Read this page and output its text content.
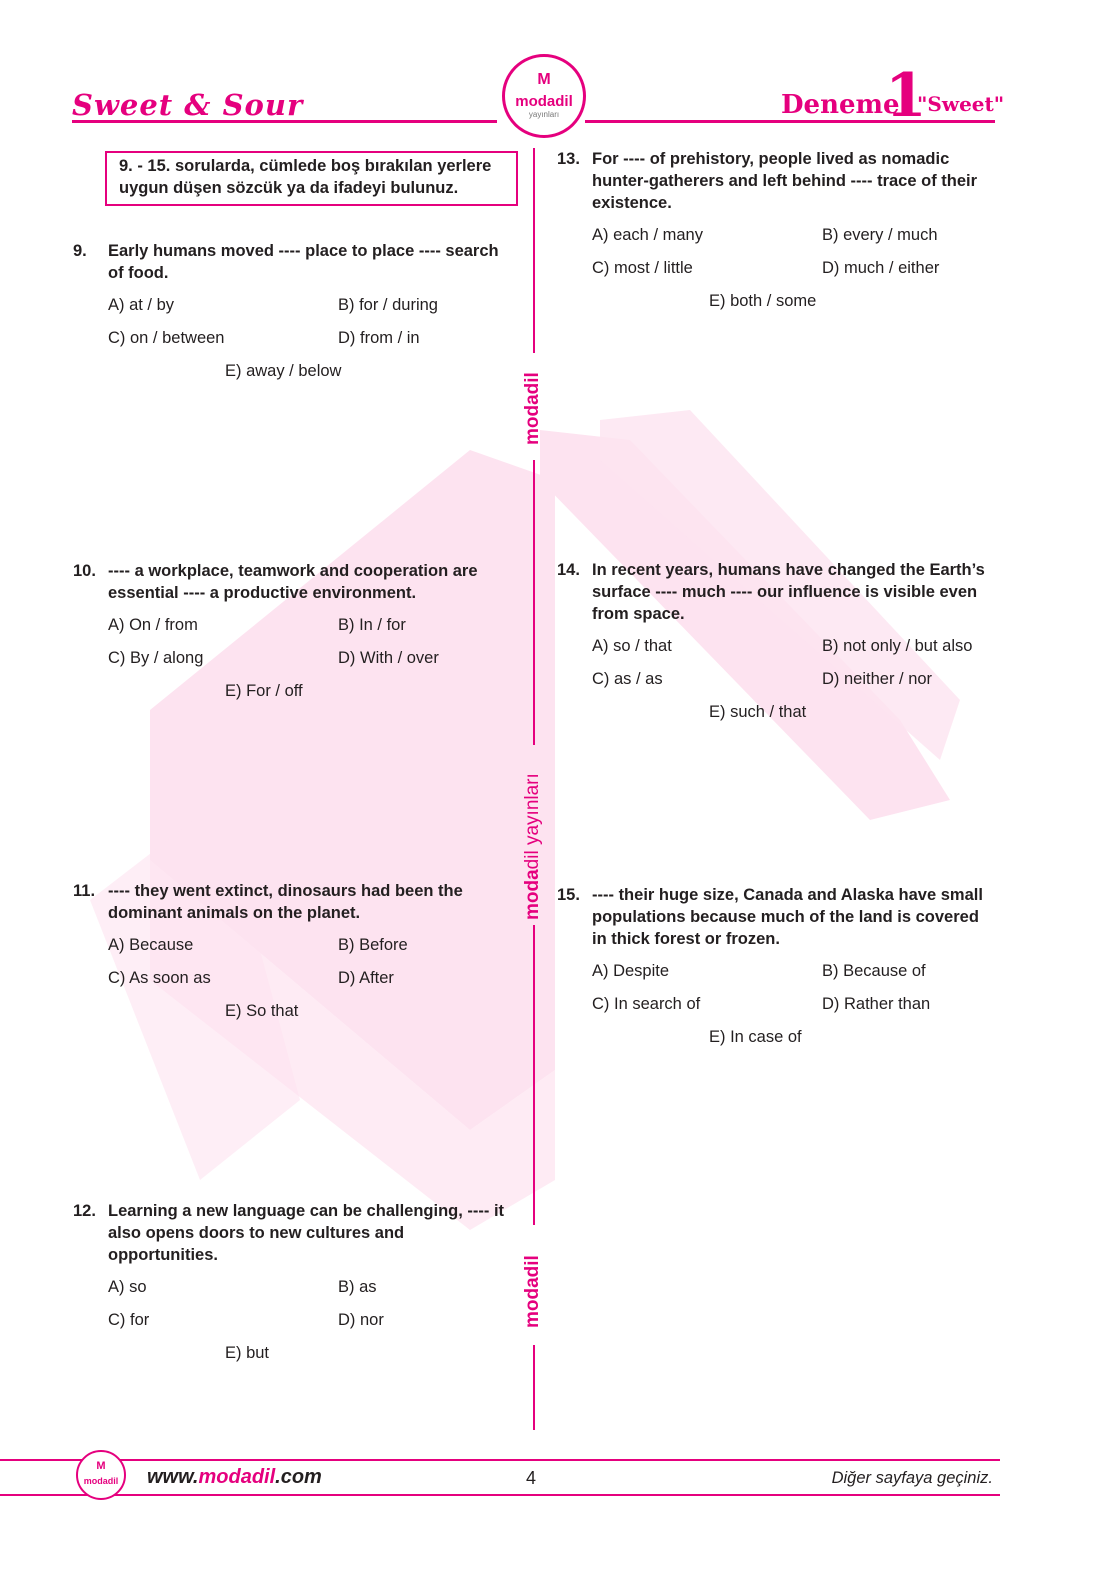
Sweet & Sour
M
modadil
yayınları	Deneme
1
"Sweet"
9. - 15. sorularda, cümlede boş bırakılan yerlere uygun düşen sözcük ya da ifadeyi bulunuz.
modadil
modadil yayınları
modadil
9. Early humans moved ---- place to place ---- search of food.
A) at / by	B) for / during
C) on / between	D) from / in
E) away / below
10. ---- a workplace, teamwork and cooperation are essential ---- a productive environment.
A) On / from	B) In / for
C) By / along	D) With / over
E) For / off
11. ---- they went extinct, dinosaurs had been the dominant animals on the planet.
A) Because	B) Before
C) As soon as	D) After
E) So that
12. Learning a new language can be challenging, ---- it also opens doors to new cultures and opportunities.
A) so	B) as
C) for	D) nor
E) but
13. For ---- of prehistory, people lived as nomadic hunter-gatherers and left behind ---- trace of their existence.
A) each / many	B) every / much
C) most / little	D) much / either
E) both / some
14. In recent years, humans have changed the Earth’s surface ---- much ---- our influence is visible even from space.
A) so / that	B) not only / but also
C) as / as	D) neither / nor
E) such / that
15. ---- their huge size, Canada and Alaska have small populations because much of the land is covered in thick forest or frozen.
A) Despite	B) Because of
C) In search of	D) Rather than
E) In case of
M
modadil www.modadil.com	4	Diğer sayfaya geçiniz.
